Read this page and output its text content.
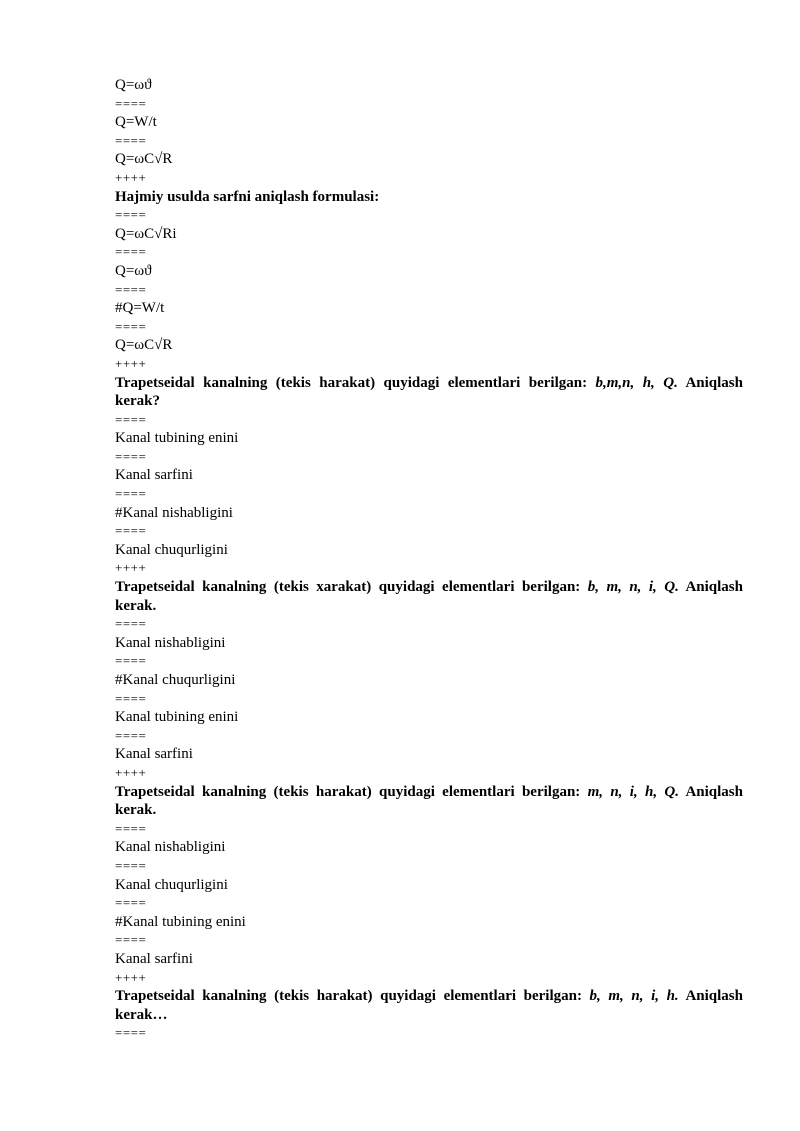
Q=ωϑ
====
Q=W/t
====
Q=ωC√R
++++
Hajmiy usulda sarfni aniqlash formulasi:
====
Q=ωC√Ri
====
Q=ωϑ
====
#Q=W/t
====
Q=ωC√R
++++
Trapetseidal kanalning (tekis harakat) quyidagi elementlari berilgan: b,m,n, h, Q. Aniqlash kerak?
====
Kanal tubining enini
====
Kanal sarfini
====
#Kanal nishabligini
====
Kanal chuqurligini
++++
Trapetseidal kanalning (tekis xarakat) quyidagi elementlari berilgan: b, m, n, i, Q. Aniqlash kerak.
====
Kanal nishabligini
====
#Kanal chuqurligini
====
Kanal tubining enini
====
Kanal sarfini
++++
Trapetseidal kanalning (tekis harakat) quyidagi elementlari berilgan: m, n, i, h, Q. Aniqlash kerak.
====
Kanal nishabligini
====
Kanal chuqurligini
====
#Kanal tubining enini
====
Kanal sarfini
++++
Trapetseidal kanalning (tekis harakat) quyidagi elementlari berilgan: b, m, n, i, h. Aniqlash kerak…
====
